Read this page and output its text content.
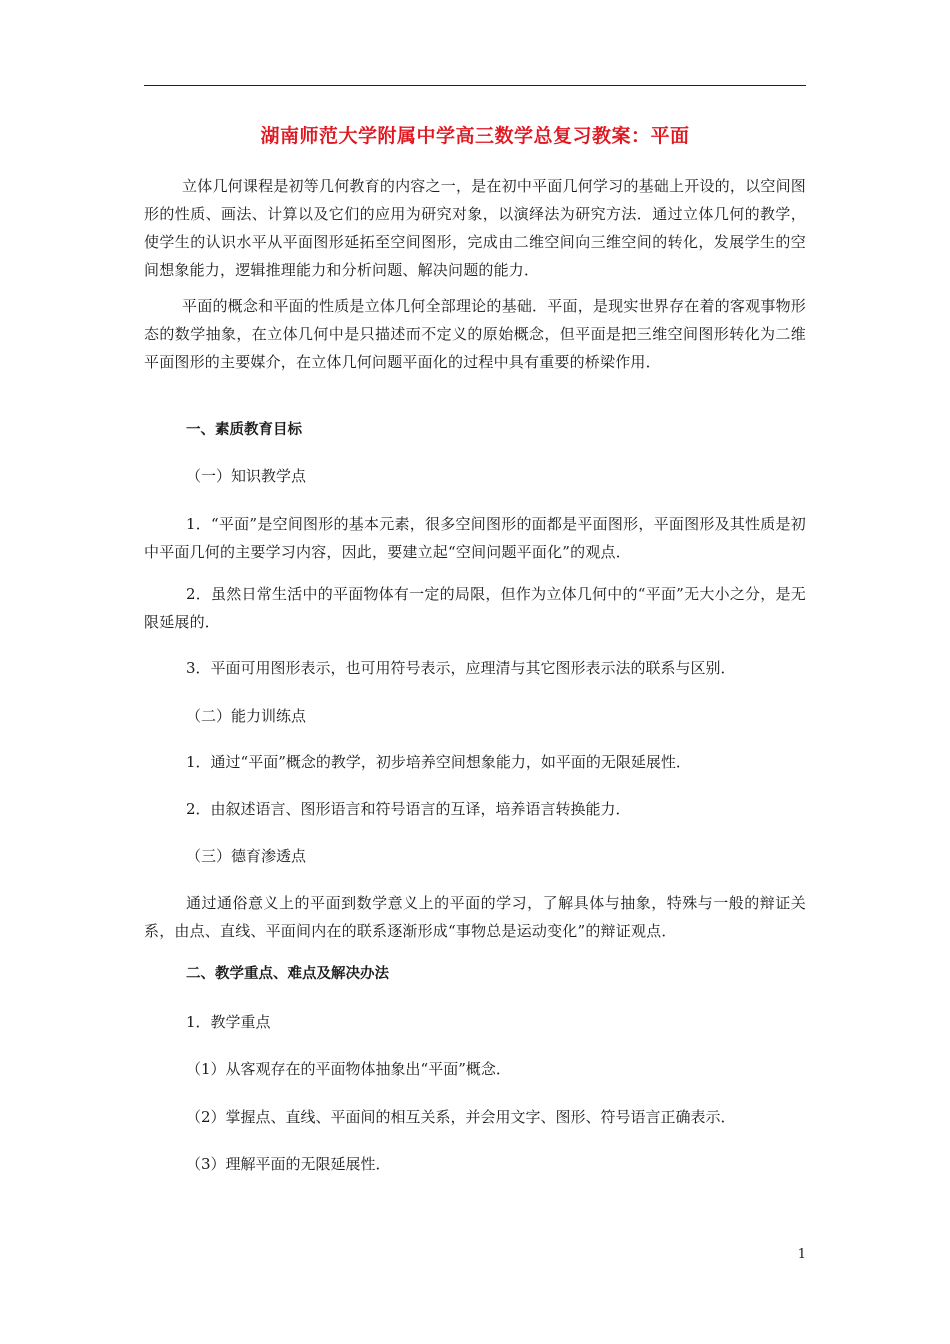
湖南师范大学附属中学高三数学总复习教案：平面

立体几何课程是初等几何教育的内容之一，是在初中平面几何学习的基础上开设的，以空间图形的性质、画法、计算以及它们的应用为研究对象，以演绎法为研究方法．通过立体几何的教学，使学生的认识水平从平面图形延拓至空间图形，完成由二维空间向三维空间的转化，发展学生的空间想象能力，逻辑推理能力和分析问题、解决问题的能力．

平面的概念和平面的性质是立体几何全部理论的基础．平面，是现实世界存在着的客观事物形态的数学抽象，在立体几何中是只描述而不定义的原始概念，但平面是把三维空间图形转化为二维平面图形的主要媒介，在立体几何问题平面化的过程中具有重要的桥梁作用．

一、素质教育目标

（一）知识教学点

1．“平面”是空间图形的基本元素，很多空间图形的面都是平面图形，平面图形及其性质是初中平面几何的主要学习内容，因此，要建立起“空间问题平面化”的观点．

2．虽然日常生活中的平面物体有一定的局限，但作为立体几何中的“平面”无大小之分，是无限延展的．

3．平面可用图形表示，也可用符号表示，应理清与其它图形表示法的联系与区别．

（二）能力训练点

1．通过“平面”概念的教学，初步培养空间想象能力，如平面的无限延展性．

2．由叙述语言、图形语言和符号语言的互译，培养语言转换能力．

（三）德育渗透点

通过通俗意义上的平面到数学意义上的平面的学习，了解具体与抽象，特殊与一般的辩证关系，由点、直线、平面间内在的联系逐渐形成“事物总是运动变化”的辩证观点．

二、教学重点、难点及解决办法

1．教学重点

（1）从客观存在的平面物体抽象出“平面”概念．

（2）掌握点、直线、平面间的相互关系，并会用文字、图形、符号语言正确表示．

（3）理解平面的无限延展性．

1
